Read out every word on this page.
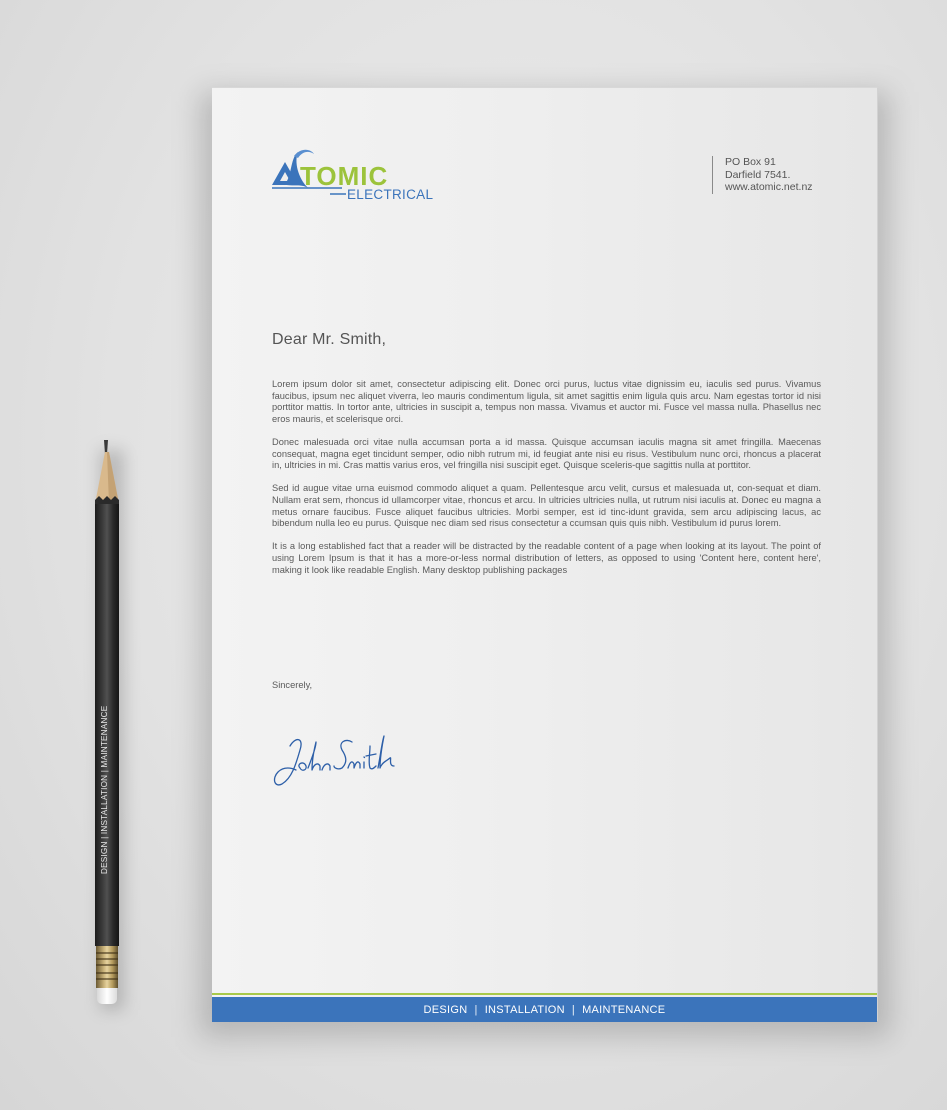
DESIGN | INSTALLATION | MAINTENANCE
TOMIC
ELECTRICAL
PO Box 91
Darfield 7541.
www.atomic.net.nz
Dear Mr. Smith,

Lorem ipsum dolor sit amet, consectetur adipiscing elit. Donec orci purus, luctus vitae dignissim eu, iaculis sed purus. Vivamus faucibus, ipsum nec aliquet viverra, leo mauris condimentum ligula, sit amet sagittis enim ligula quis arcu. Nam egestas tortor id nisi porttitor mattis. In tortor ante, ultricies in suscipit a, tempus non massa. Vivamus et auctor mi. Fusce vel massa nulla. Phasellus nec eros mauris, et scelerisque orci.

Donec malesuada orci vitae nulla accumsan porta a id massa. Quisque accumsan iaculis magna sit amet fringilla. Maecenas consequat, magna eget tincidunt semper, odio nibh rutrum mi, id feugiat ante nisi eu risus. Vestibulum nunc orci, rhoncus a placerat in, ultricies in mi. Cras mattis varius eros, vel fringilla nisi suscipit eget. Quisque sceleris-que sagittis nulla at porttitor.

Sed id augue vitae urna euismod commodo aliquet a quam. Pellentesque arcu velit, cursus et malesuada ut, con-sequat et diam. Nullam erat sem, rhoncus id ullamcorper vitae, rhoncus et arcu. In ultricies ultricies nulla, ut rutrum nisi iaculis at. Donec eu magna a metus ornare faucibus. Fusce aliquet faucibus ultricies. Morbi semper, est id tinc-idunt gravida, sem arcu adipiscing lacus, ac bibendum nulla leo eu purus. Quisque nec diam sed risus consectetur a ccumsan quis quis nibh. Vestibulum id purus lorem.

It is a long established fact that a reader will be distracted by the readable content of a page when looking at its layout. The point of using Lorem Ipsum is that it has a more-or-less normal distribution of letters, as opposed to using 'Content here, content here', making it look like readable English. Many desktop publishing packages

Sincerely,
DESIGN | INSTALLATION | MAINTENANCE
